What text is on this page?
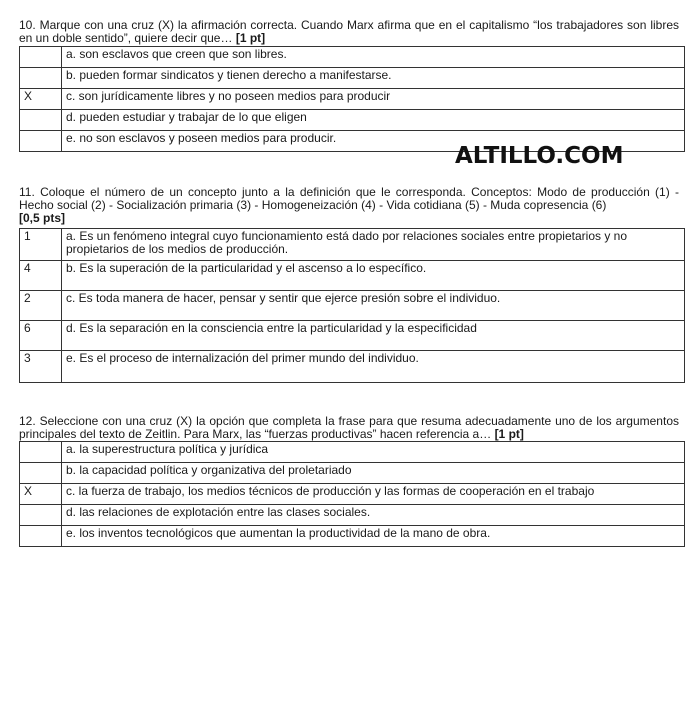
10. Marque con una cruz (X) la afirmación correcta. Cuando Marx afirma que en el capitalismo “los trabajadores son libres en un doble sentido”, quiere decir que… [1 pt]
	a. son esclavos que creen que son libres.
	b. pueden formar sindicatos y tienen derecho a manifestarse.
X	c. son jurídicamente libres y no poseen medios para producir
	d. pueden estudiar y trabajar de lo que eligen
	e. no son esclavos y poseen medios para producir.
ALTILLO.COM
11. Coloque el número de un concepto junto a la definición que le corresponda. Conceptos: Modo de producción (1) - Hecho social (2) - Socialización primaria (3) - Homogeneización (4) - Vida cotidiana (5) - Muda copresencia (6)
[0,5 pts]
1	a. Es un fenómeno integral cuyo funcionamiento está dado por relaciones sociales entre propietarios y no propietarios de los medios de producción.
4	b. Es la superación de la particularidad y el ascenso a lo específico.
2	c. Es toda manera de hacer, pensar y sentir que ejerce presión sobre el individuo.
6	d. Es la separación en la consciencia entre la particularidad y la especificidad
3	e. Es el proceso de internalización del primer mundo del individuo.
12. Seleccione con una cruz (X) la opción que completa la frase para que resuma adecuadamente uno de los argumentos principales del texto de Zeitlin. Para Marx, las “fuerzas productivas” hacen referencia a… [1 pt]
	a. la superestructura política y jurídica
	b. la capacidad política y organizativa del proletariado
X	c. la fuerza de trabajo, los medios técnicos de producción y las formas de cooperación en el trabajo
	d. las relaciones de explotación entre las clases sociales.
	e. los inventos tecnológicos que aumentan la productividad de la mano de obra.
